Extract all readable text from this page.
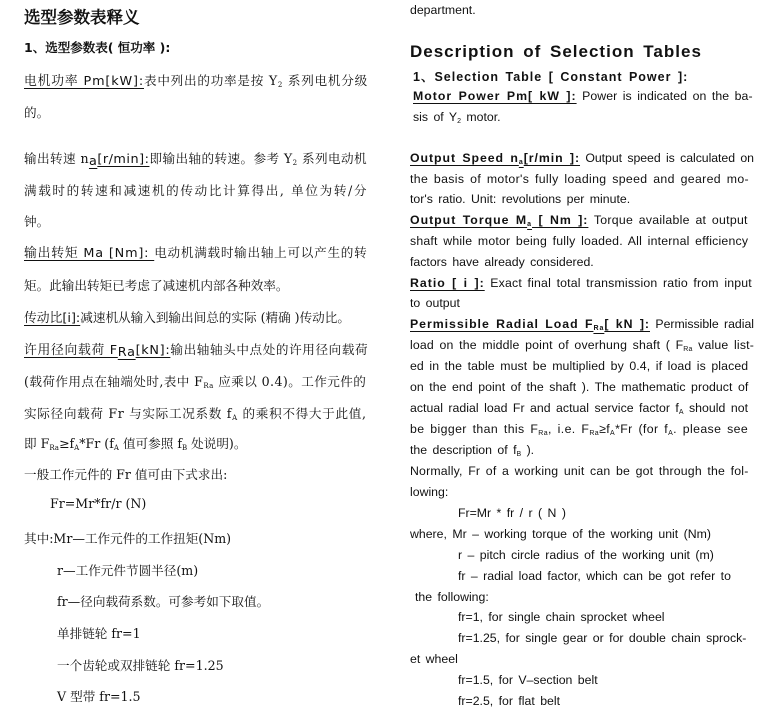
选型参数表释义
1、选型参数表( 恒功率 ):
电机功率 Pm[kW]:表中列出的功率是按 $Y_2$ 系列电机分级
的。
输出转速 $n_a[r/\min]$:即输出轴的转速。参考 $Y_2$ 系列电动机
满载时的转速和减速机的传动比计算得出, 单位为转/分
钟。
输出转矩 Ma [Nm]: 电动机满载时输出轴上可以产生的转
矩。此输出转矩已考虑了减速机内部各种效率。
传动比[i]:减速机从输入到输出间总的实际 (精确 )传动比。
许用径向载荷 $F_{Ra}[kN]$:输出轴轴头中点处的许用径向载荷
(载荷作用点在轴端处时,表中 $F_{Ra}$ 应乘以 0.4)。工作元件的
实际径向载荷 Fr 与实际工况系数 $f_A$ 的乘积不得大于此值,
即 $F_{Ra}\ge f_A*Fr$ ($f_A$ 值可参照 $f_B$ 处说明)。
一般工作元件的 Fr 值可由下式求出:
Fr=Mr*fr/r (N)
其中:Mr—工作元件的工作扭矩(Nm)
r—工作元件节圆半径(m)
fr—径向载荷系数。可参考如下取值。
单排链轮 fr=1
一个齿轮或双排链轮 fr=1.25
V 型带 fr=1.5
department.
Description of Selection Tables
1、Selection Table [ Constant Power ]:
Motor Power Pm[ kW ]: Power is indicated on the ba-
sis of $Y_2$ motor.
Output Speed $n_a[r/\min$ ]: Output speed is calculated on
the basis of motor's fully loading speed and geared mo-
tor's ratio. Unit: revolutions per minute.
Output Torque $M_a$ [ Nm ]: Torque available at output
shaft while motor being fully loaded. All internal efficiency
factors have already considered.
Ratio [ i ]: Exact final total transmission ratio from input
to output
Permissible Radial Load $F_{Ra}$[ kN ]: Permissible radial
load on the middle point of overhung shaft ( $F_{Ra}$ value list-
ed in the table must be multiplied by 0.4, if load is placed
on the end point of the shaft ). The mathematic product of
actual radial load Fr and actual service factor $f_A$ should not
be bigger than this $F_{Ra}$, i.e. $F_{Ra}\ge f_A*Fr$ (for $f_A$. please see
the description of $f_B$ ).
Normally, Fr of a working unit can be got through the fol-
lowing:
Fr=Mr * fr / r ( N )
where, Mr – working torque of the working unit (Nm)
r – pitch circle radius of the working unit (m)
fr – radial load factor, which can be got refer to
the following:
fr=1, for single chain sprocket wheel
fr=1.25, for single gear or for double chain sprock-
et wheel
fr=1.5, for V–section belt
fr=2.5, for flat belt
